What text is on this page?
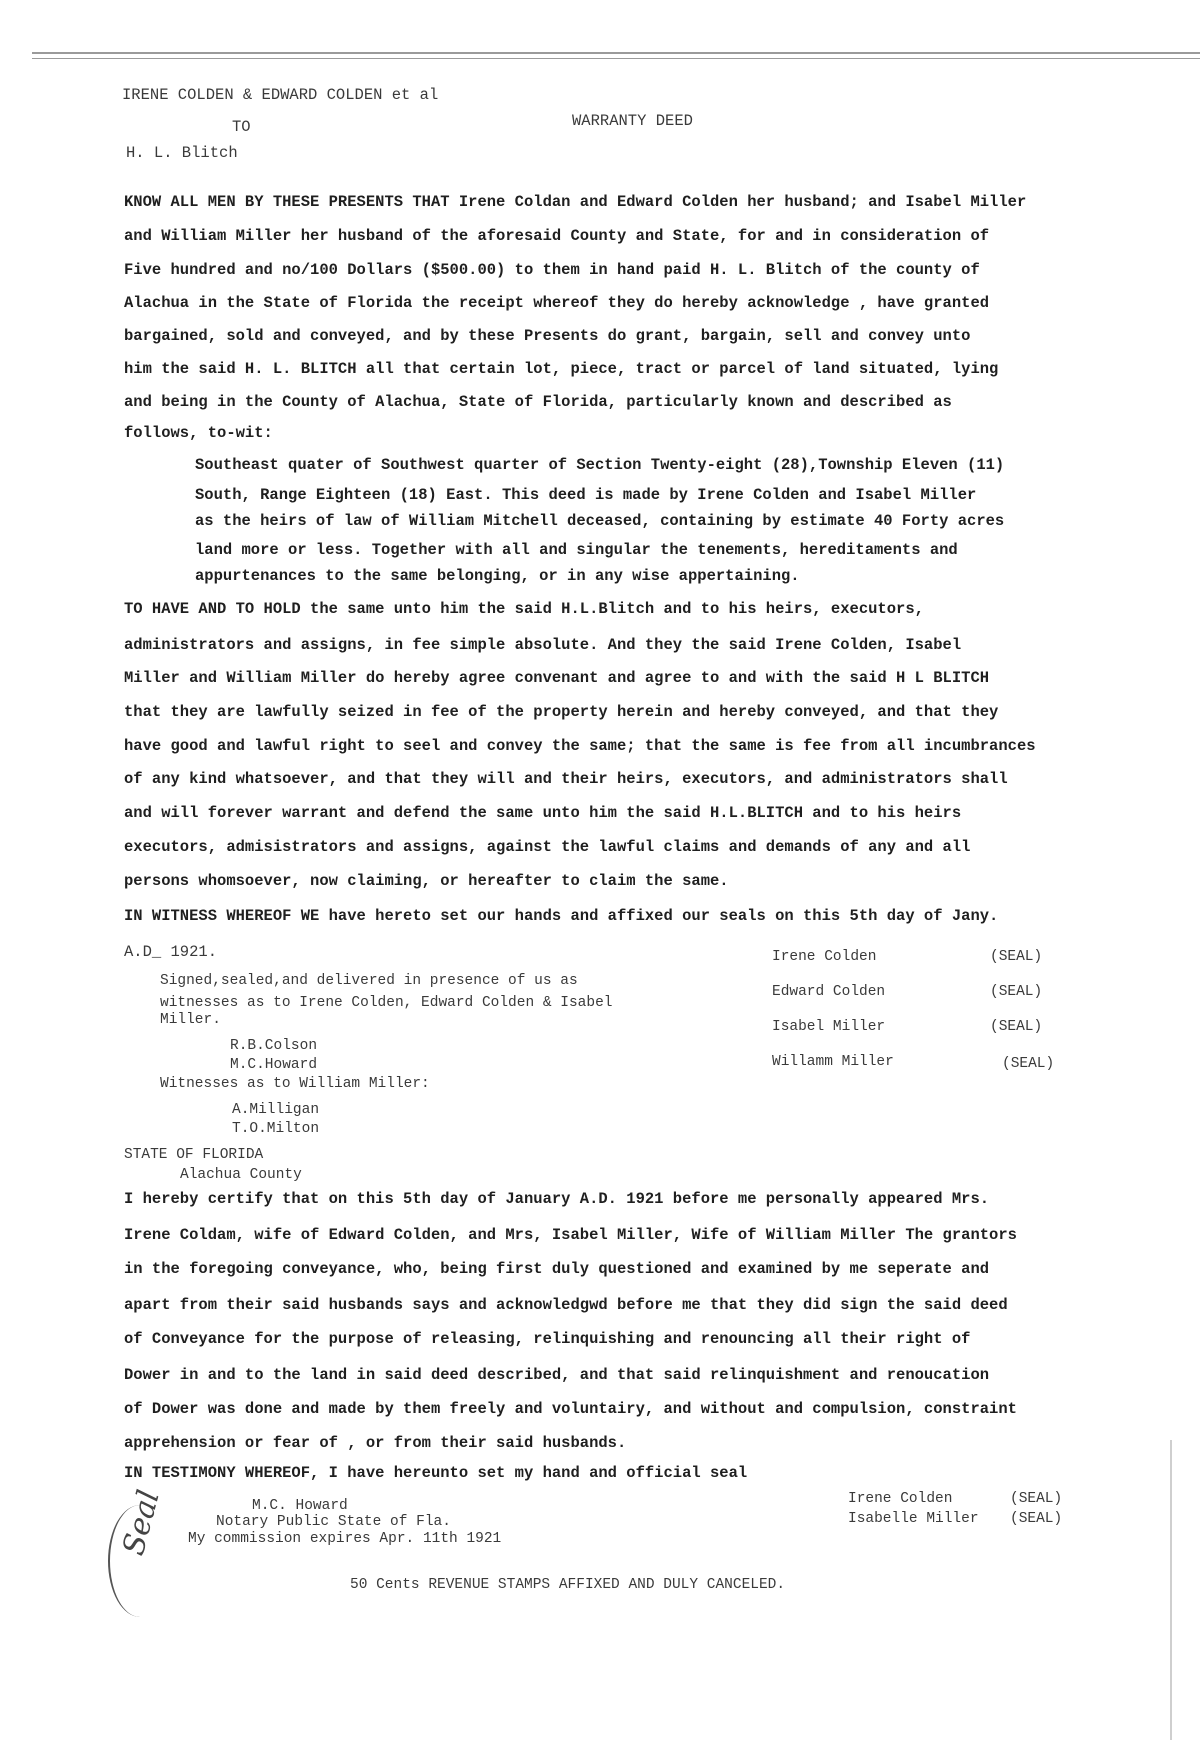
IRENE COLDEN & EDWARD COLDEN et al
TO	WARRANTY DEED
H. L. Blitch
KNOW ALL MEN BY THESE PRESENTS THAT Irene Coldan and Edward Colden her husband; and Isabel Miller
and William Miller her husband of the aforesaid County and State, for and in consideration of
Five hundred and no/100 Dollars ($500.00) to them in hand paid H. L. Blitch of the county of
Alachua in the State of Florida the receipt whereof they do hereby acknowledge , have granted
bargained, sold and conveyed, and by these Presents do grant, bargain, sell and convey unto
him the said H. L. BLITCH all that certain lot, piece, tract or parcel of land situated, lying
and being in the County of Alachua, State of Florida, particularly known and described as
follows, to-wit:
Southeast quater of Southwest quarter of Section Twenty-eight (28),Township Eleven (11)
South, Range Eighteen (18) East. This deed is made by Irene Colden and Isabel Miller
as the heirs of law of William Mitchell deceased, containing by estimate 40 Forty acres
land more or less. Together with all and singular the tenements, hereditaments and
appurtenances to the same belonging, or in any wise appertaining.
TO HAVE AND TO HOLD the same unto him the said H.L.Blitch and to his heirs, executors,
administrators and assigns, in fee simple absolute. And they the said Irene Colden, Isabel
Miller and William Miller do hereby agree convenant and agree to and with the said H L BLITCH
that they are lawfully seized in fee of the property herein and hereby conveyed, and that they
have good and lawful right to seel and convey the same; that the same is fee from all incumbrances
of any kind whatsoever, and that they will and their heirs, executors, and administrators shall
and will forever warrant and defend the same unto him the said H.L.BLITCH and to his heirs
executors, admisistrators and assigns, against the lawful claims and demands of any and all
persons whomsoever, now claiming, or hereafter to claim the same.
IN WITNESS WHEREOF WE have hereto set our hands and affixed our seals on this 5th day of Jany.
A.D_ 1921.
Signed,sealed,and delivered in presence of us as
witnesses as to Irene Colden, Edward Colden & Isabel
Miller.
R.B.Colson
M.C.Howard
Witnesses as to William Miller:
A.Milligan
T.O.Milton
Irene Colden	(SEAL)
Edward Colden	(SEAL)
Isabel Miller	(SEAL)
Willamm Miller	(SEAL)
STATE OF FLORIDA
Alachua County
I hereby certify that on this 5th day of January A.D. 1921 before me personally appeared Mrs.
Irene Coldam, wife of Edward Colden, and Mrs, Isabel Miller, Wife of William Miller The grantors
in the foregoing conveyance, who, being first duly questioned and examined by me seperate and
apart from their said husbands says and acknowledgwd before me that they did sign the said deed
of Conveyance for the purpose of releasing, relinquishing and renouncing all their right of
Dower in and to the land in said deed described, and that said relinquishment and renoucation
of Dower was done and made by them freely and voluntairy, and without and compulsion, constraint
apprehension or fear of , or from their said husbands.
IN TESTIMONY WHEREOF, I have hereunto set my hand and official seal
M.C. Howard
Notary Public State of Fla.
My commission expires Apr. 11th 1921
Irene Colden	(SEAL)
Isabelle Miller (SEAL)
Seal
50 Cents REVENUE STAMPS AFFIXED AND DULY CANCELED.
